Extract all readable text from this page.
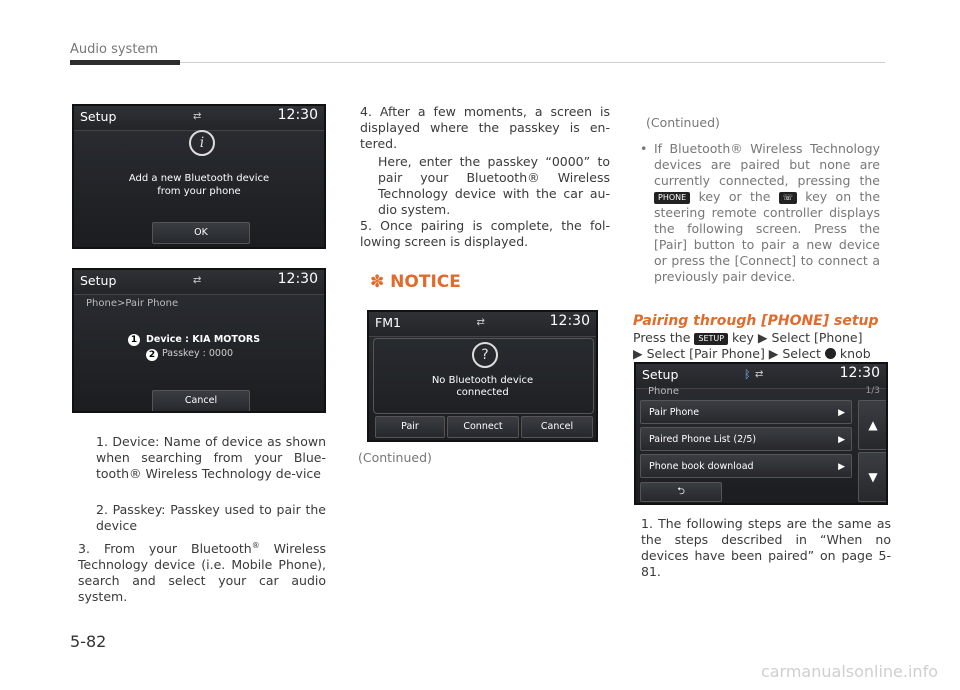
Audio system
Setup	⇄	12:30
i
Add a new Bluetooth device
from your phone
OK
Setup	⇄	12:30
Phone>Pair Phone
1 Device : KIA MOTORS
2 Passkey : 0000
Cancel
1. Device: Name of device as shown when searching from your Blue-tooth® Wireless Technology de-vice
2. Passkey: Passkey used to pair the device
3. From your Bluetooth® Wireless Technology device (i.e. Mobile Phone), search and select your car audio system.
4. After a few moments, a screen is displayed where the passkey is en-tered.
Here, enter the passkey “0000” to pair your Bluetooth® Wireless Technology device with the car au-dio system.
5. Once pairing is complete, the fol-lowing screen is displayed.
✽ NOTICE
FM1	⇄	12:30
?
No Bluetooth device
connected
Pair	Connect	Cancel
(Continued)
(Continued)
• If Bluetooth® Wireless Technology devices are paired but none are currently connected, pressing the PHONE key or the ☏ key on the steering remote controller displays the following screen. Press the [Pair] button to pair a new device or press the [Connect] to connect a previously pair device.
Pairing through [PHONE] setup
Press the SETUP key ▶ Select [Phone]
▶ Select [Pair Phone] ▶ Select  knob
Setup	ᛒ ⇄	12:30
Phone	1/3
Pair Phone	▶
Paired Phone List (2/5)	▶
Phone book download	▶
▲
▼
⮌
1. The following steps are the same as the steps described in “When no devices have been paired” on page 5-81.
5-82
carmanualsonline.info
